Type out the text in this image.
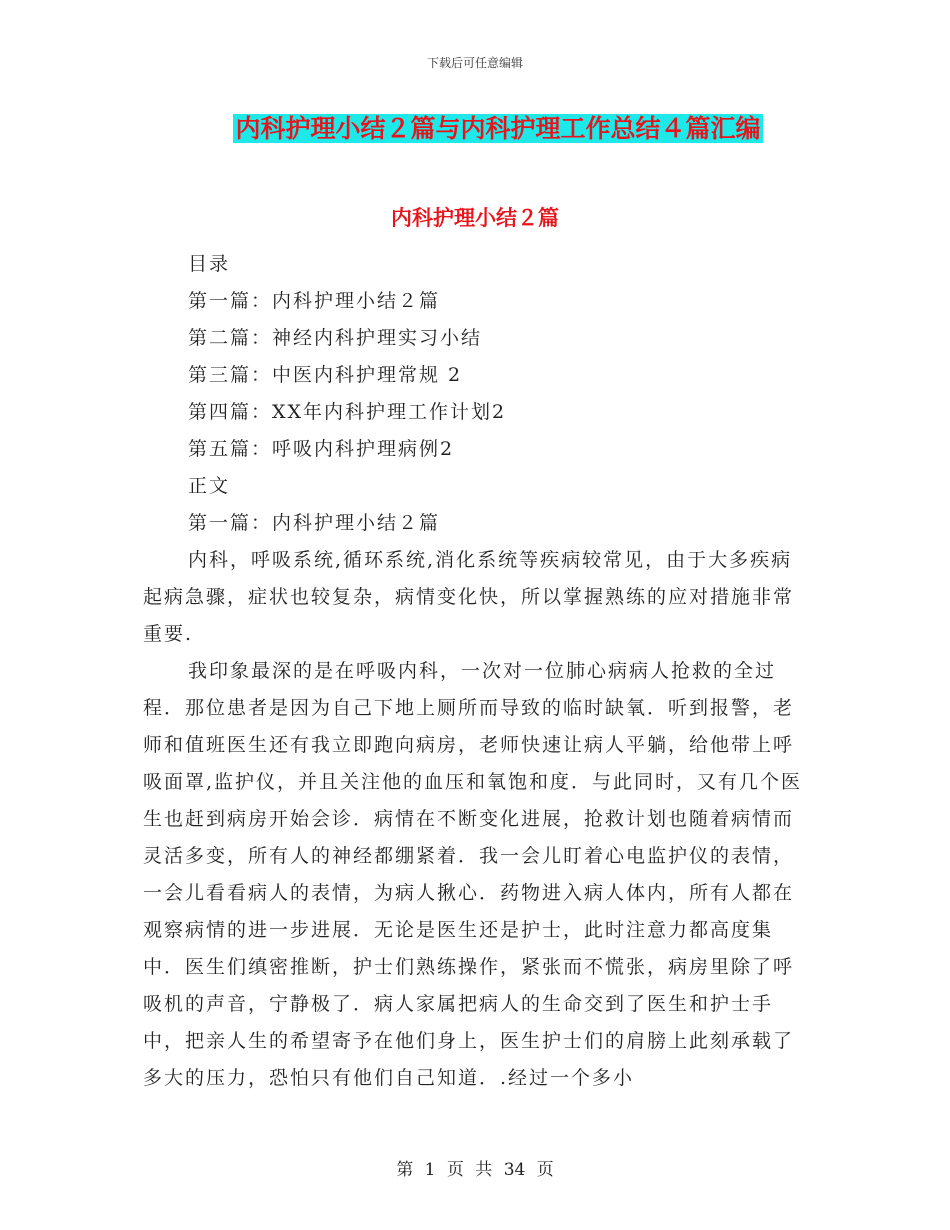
下载后可任意编辑
内科护理小结２篇与内科护理工作总结４篇汇编
内科护理小结２篇
目录
第一篇：内科护理小结２篇
第二篇：神经内科护理实习小结
第三篇：中医内科护理常规 2
第四篇：XX年内科护理工作计划2
第五篇：呼吸内科护理病例2
正文
第一篇：内科护理小结２篇

内科，呼吸系统,循环系统,消化系统等疾病较常见，由于大多疾病起病急骤，症状也较复杂，病情变化快，所以掌握熟练的应对措施非常重要.

我印象最深的是在呼吸内科，一次对一位肺心病病人抢救的全过程．那位患者是因为自己下地上厕所而导致的临时缺氧．听到报警，老师和值班医生还有我立即跑向病房，老师快速让病人平躺，给他带上呼吸面罩,监护仪，并且关注他的血压和氧饱和度．与此同时，又有几个医生也赶到病房开始会诊．病情在不断变化进展，抢救计划也随着病情而灵活多变，所有人的神经都绷紧着．我一会儿盯着心电监护仪的表情，一会儿看看病人的表情，为病人揪心．药物进入病人体内，所有人都在观察病情的进一步进展．无论是医生还是护士，此时注意力都高度集中．医生们缜密推断，护士们熟练操作，紧张而不慌张，病房里除了呼吸机的声音，宁静极了．病人家属把病人的生命交到了医生和护士手中，把亲人生的希望寄予在他们身上，医生护士们的肩膀上此刻承载了多大的压力，恐怕只有他们自己知道．.经过一个多小

第 1 页 共 34 页
